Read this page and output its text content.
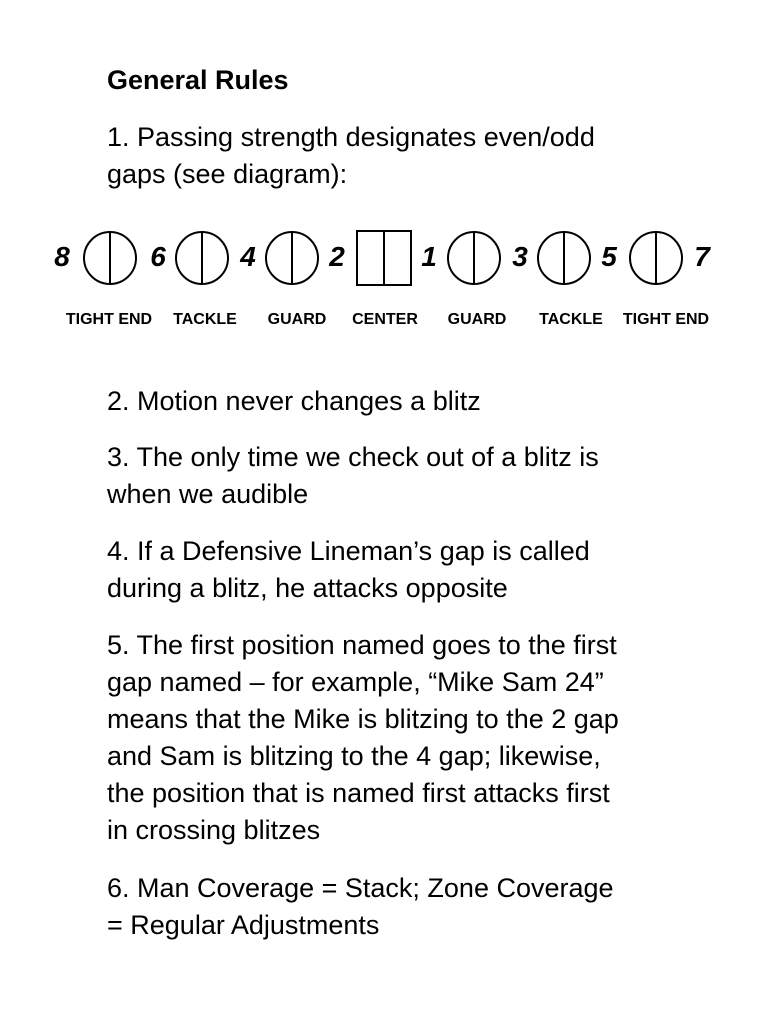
General Rules

1. Passing strength designates even/odd
gaps (see diagram):

8	6	4	2	1	3	5	7
TIGHT END TACKLE GUARD CENTER GUARD TACKLE TIGHT END

2. Motion never changes a blitz

3. The only time we check out of a blitz is
when we audible

4. If a Defensive Lineman’s gap is called
during a blitz, he attacks opposite

5. The first position named goes to the first
gap named – for example, “Mike Sam 24”
means that the Mike is blitzing to the 2 gap
and Sam is blitzing to the 4 gap; likewise,
the position that is named first attacks first
in crossing blitzes

6. Man Coverage = Stack; Zone Coverage
= Regular Adjustments
